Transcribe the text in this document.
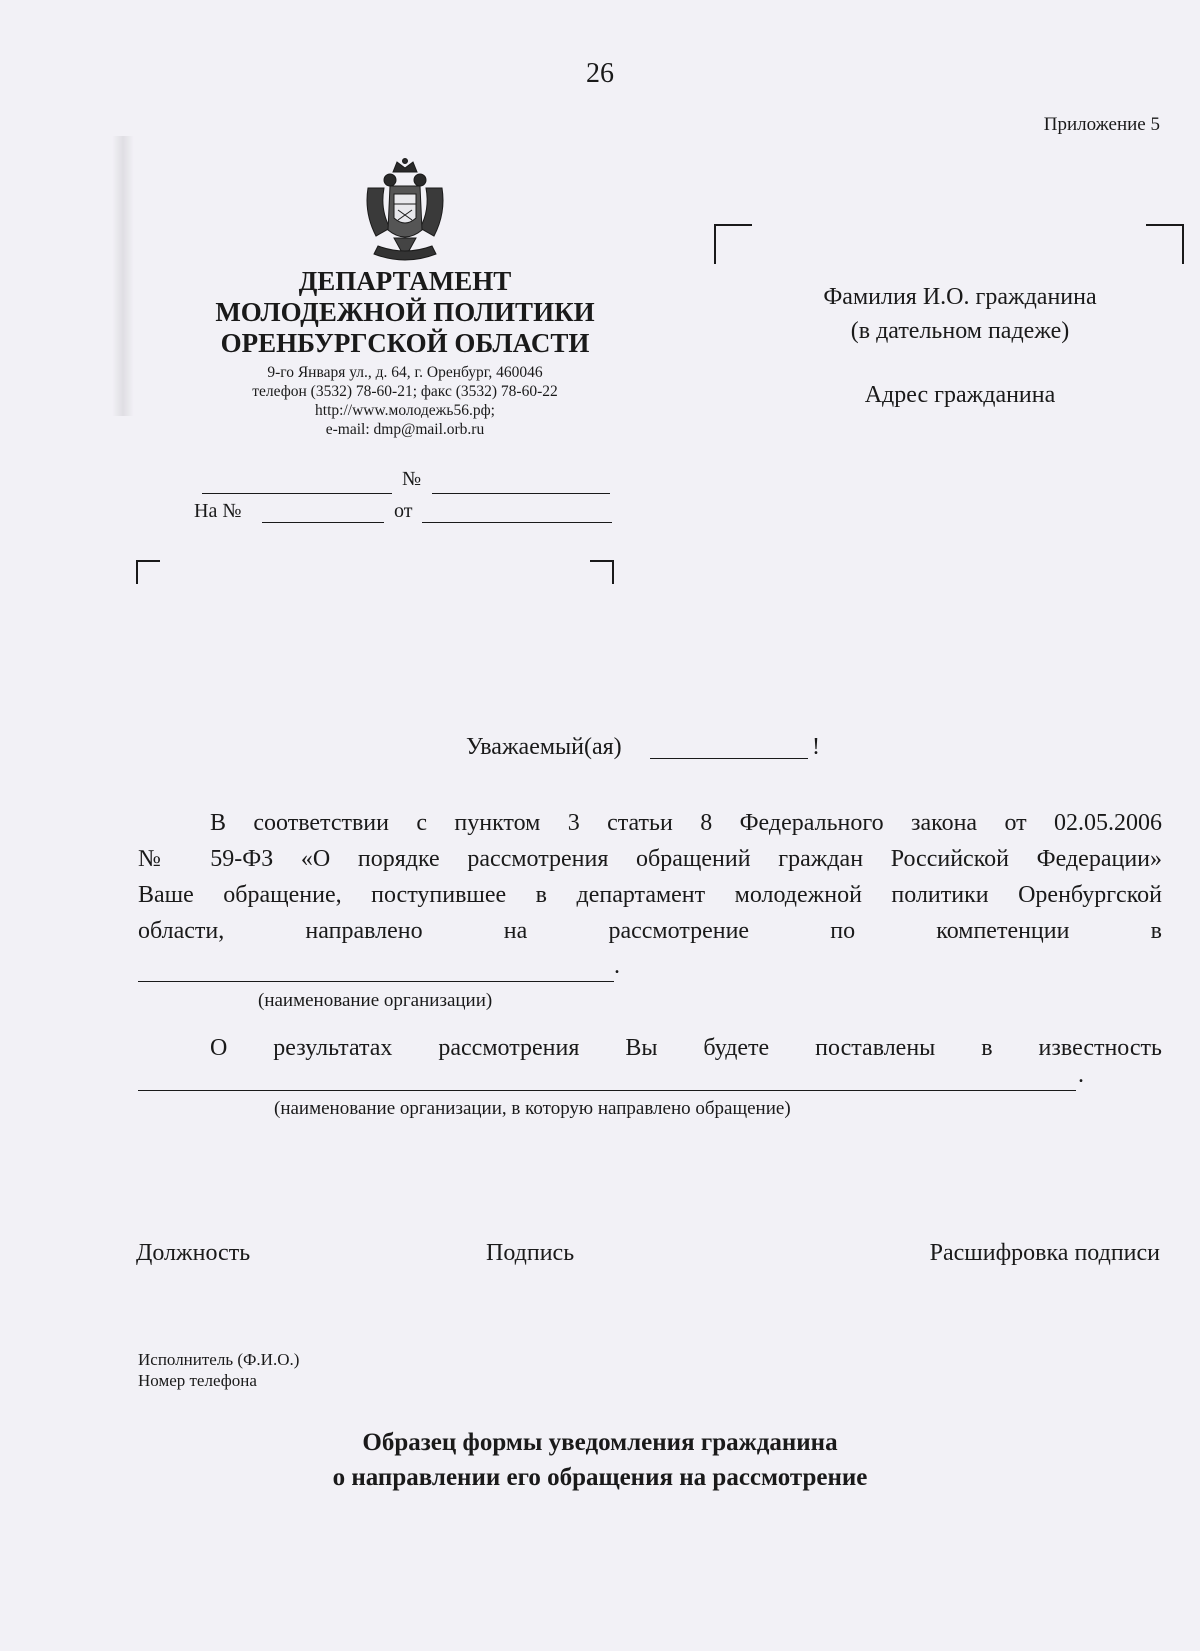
26
Приложение 5
ДЕПАРТАМЕНТ
МОЛОДЕЖНОЙ ПОЛИТИКИ
ОРЕНБУРГСКОЙ ОБЛАСТИ
9-го Января ул., д. 64, г. Оренбург, 460046
телефон (3532) 78-60-21; факс (3532) 78-60-22
http://www.молодежь56.рф;
e-mail: dmp@mail.orb.ru
№
На №	от
Фамилия И.О. гражданина
(в дательном падеже)
Адрес гражданина
Уважаемый(ая)	!
В соответствии с пунктом 3 статьи 8 Федерального закона от 02.05.2006
№ 59-ФЗ «О порядке рассмотрения обращений граждан Российской Федерации»
Ваше обращение, поступившее в департамент молодежной политики Оренбургской
области, направлено на рассмотрение по компетенции в
.
(наименование организации)
О результатах рассмотрения Вы будете поставлены в известность
.
(наименование организации, в которую направлено обращение)
Должность	Подпись	Расшифровка подписи
Исполнитель (Ф.И.О.)
Номер телефона
Образец формы уведомления гражданина
о направлении его обращения на рассмотрение
